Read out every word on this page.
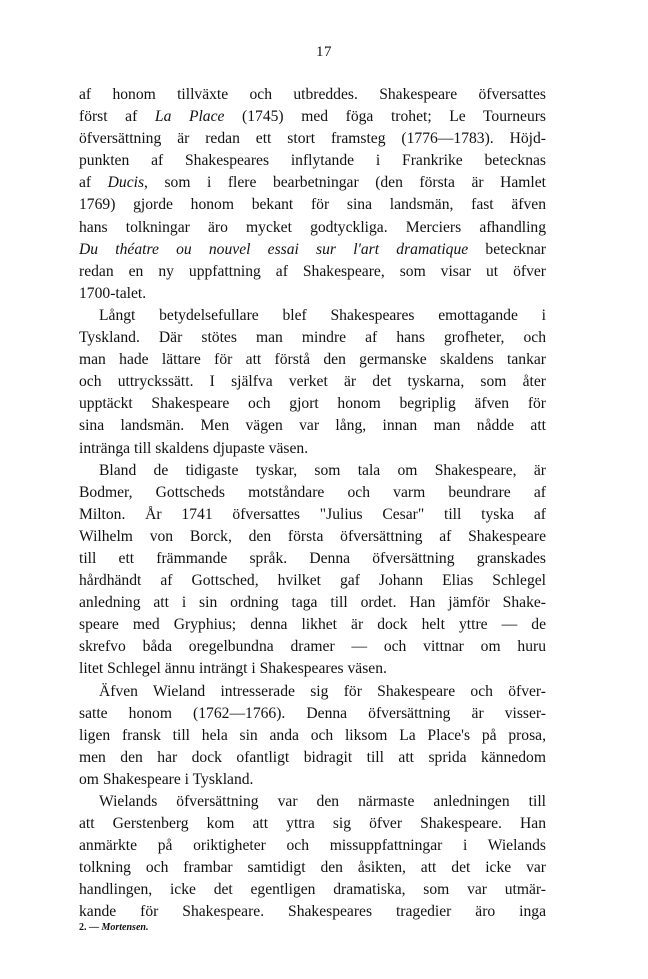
17
af honom tillväxte och utbreddes. Shakespeare öfversattes
först af La Place (1745) med föga trohet; Le Tourneurs
öfversättning är redan ett stort framsteg (1776—1783). Höjd-
punkten af Shakespeares inflytande i Frankrike betecknas
af Ducis, som i flere bearbetningar (den första är Hamlet
1769) gjorde honom bekant för sina landsmän, fast äfven
hans tolkningar äro mycket godtyckliga. Merciers afhandling
Du théatre ou nouvel essai sur l'art dramatique betecknar
redan en ny uppfattning af Shakespeare, som visar ut öfver
1700-talet.
Långt betydelsefullare blef Shakespeares emottagande i
Tyskland. Där stötes man mindre af hans grofheter, och
man hade lättare för att förstå den germanske skaldens tankar
och uttryckssätt. I själfva verket är det tyskarna, som åter
upptäckt Shakespeare och gjort honom begriplig äfven för
sina landsmän. Men vägen var lång, innan man nådde att
intränga till skaldens djupaste väsen.
Bland de tidigaste tyskar, som tala om Shakespeare, är
Bodmer, Gottscheds motståndare och varm beundrare af
Milton. År 1741 öfversattes "Julius Cesar" till tyska af
Wilhelm von Borck, den första öfversättning af Shakespeare
till ett främmande språk. Denna öfversättning granskades
hårdhändt af Gottsched, hvilket gaf Johann Elias Schlegel
anledning att i sin ordning taga till ordet. Han jämför Shake-
speare med Gryphius; denna likhet är dock helt yttre — de
skrefvo båda oregelbundna dramer — och vittnar om huru
litet Schlegel ännu inträngt i Shakespeares väsen.
Äfven Wieland intresserade sig för Shakespeare och öfver-
satte honom (1762—1766). Denna öfversättning är visser-
ligen fransk till hela sin anda och liksom La Place's på prosa,
men den har dock ofantligt bidragit till att sprida kännedom
om Shakespeare i Tyskland.
Wielands öfversättning var den närmaste anledningen till
att Gerstenberg kom att yttra sig öfver Shakespeare. Han
anmärkte på oriktigheter och missuppfattningar i Wielands
tolkning och frambar samtidigt den åsikten, att det icke var
handlingen, icke det egentligen dramatiska, som var utmär-
kande för Shakespeare. Shakespeares tragedier äro inga
2. — Mortensen.
